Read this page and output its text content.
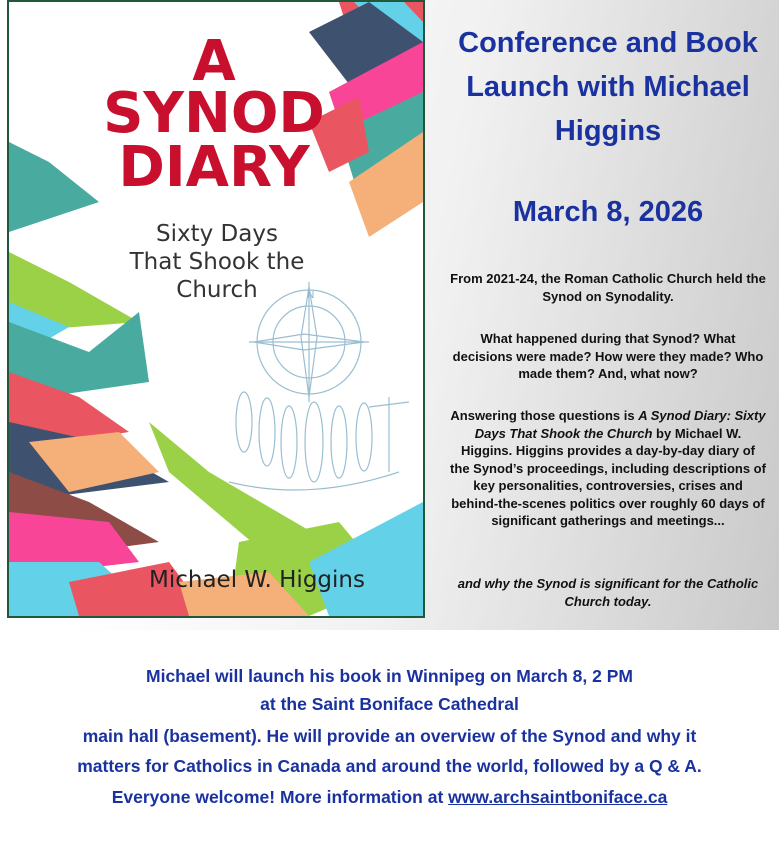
N
A
SYNOD
DIARY
Sixty Days
That Shook the
Church
Michael W. Higgins
Conference and Book
Launch with Michael
Higgins
March 8, 2026
From 2021-24, the Roman Catholic Church held the Synod on Synodality.
What happened during that Synod? What decisions were made? How were they made? Who made them? And, what now?
Answering those questions is A Synod Diary: Sixty Days That Shook the Church by Michael W. Higgins. Higgins provides a day-by-day diary of the Synod’s proceedings, including descriptions of key personalities, controversies, crises and behind-the-scenes politics over roughly 60 days of significant gatherings and meetings...
and why the Synod is significant for the Catholic Church today.
Michael will launch his book in Winnipeg on March 8, 2 PM
at the Saint Boniface Cathedral
main hall (basement). He will provide an overview of the Synod and why it
matters for Catholics in Canada and around the world, followed by a Q & A.
Everyone welcome! More information at www.archsaintboniface.ca
